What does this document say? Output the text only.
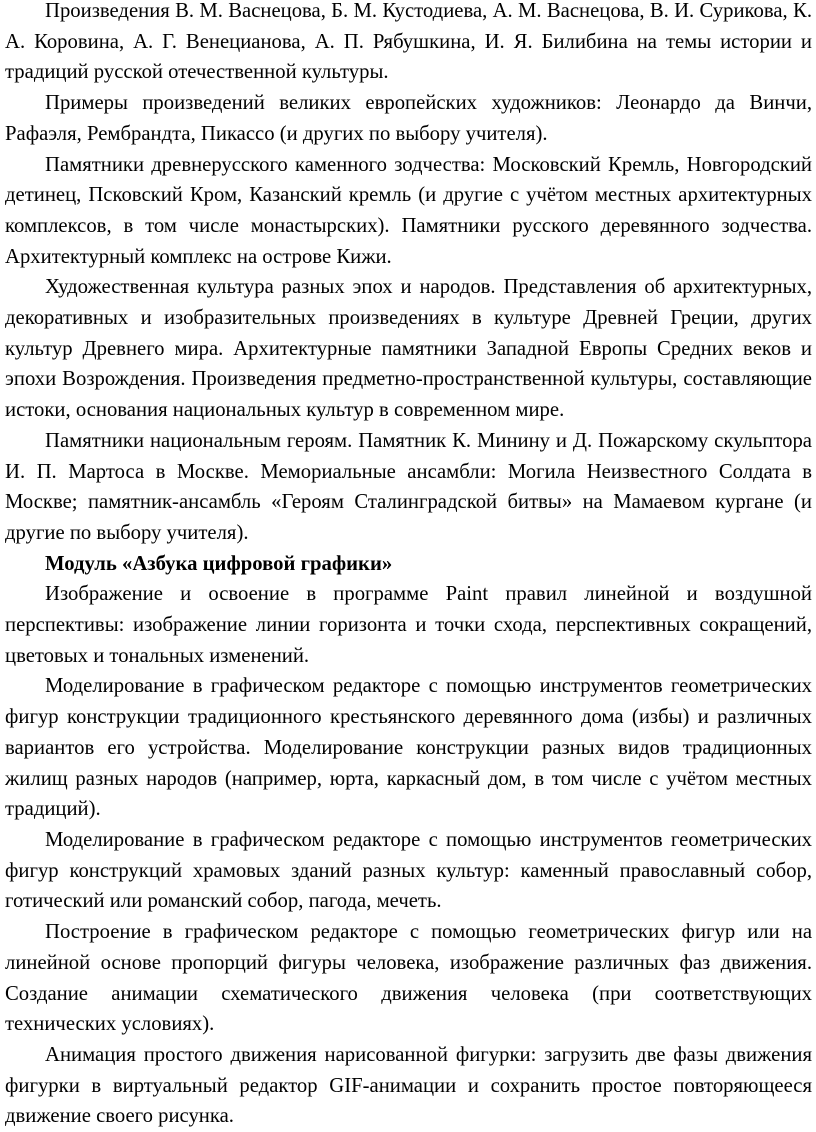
Произведения В. М. Васнецова, Б. М. Кустодиева, А. М. Васнецова, В. И. Сурикова, К. А. Коровина, А. Г. Венецианова, А. П. Рябушкина, И. Я. Билибина на темы истории и традиций русской отечественной культуры.

Примеры произведений великих европейских художников: Леонардо да Винчи, Рафаэля, Рембрандта, Пикассо (и других по выбору учителя).

Памятники древнерусского каменного зодчества: Московский Кремль, Новгородский детинец, Псковский Кром, Казанский кремль (и другие с учётом местных архитектурных комплексов, в том числе монастырских). Памятники русского деревянного зодчества. Архитектурный комплекс на острове Кижи.

Художественная культура разных эпох и народов. Представления об архитектурных, декоративных и изобразительных произведениях в культуре Древней Греции, других культур Древнего мира. Архитектурные памятники Западной Европы Средних веков и эпохи Возрождения. Произведения предметно-пространственной культуры, составляющие истоки, основания национальных культур в современном мире.

Памятники национальным героям. Памятник К. Минину и Д. Пожарскому скульптора И. П. Мартоса в Москве. Мемориальные ансамбли: Могила Неизвестного Солдата в Москве; памятник-ансамбль «Героям Сталинградской битвы» на Мамаевом кургане (и другие по выбору учителя).

Модуль «Азбука цифровой графики»

Изображение и освоение в программе Paint правил линейной и воздушной перспективы: изображение линии горизонта и точки схода, перспективных сокращений, цветовых и тональных изменений.

Моделирование в графическом редакторе с помощью инструментов геометрических фигур конструкции традиционного крестьянского деревянного дома (избы) и различных вариантов его устройства. Моделирование конструкции разных видов традиционных жилищ разных народов (например, юрта, каркасный дом, в том числе с учётом местных традиций).

Моделирование в графическом редакторе с помощью инструментов геометрических фигур конструкций храмовых зданий разных культур: каменный православный собор, готический или романский собор, пагода, мечеть.

Построение в графическом редакторе с помощью геометрических фигур или на линейной основе пропорций фигуры человека, изображение различных фаз движения. Создание анимации схематического движения человека (при соответствующих технических условиях).

Анимация простого движения нарисованной фигурки: загрузить две фазы движения фигурки в виртуальный редактор GIF-анимации и сохранить простое повторяющееся движение своего рисунка.
